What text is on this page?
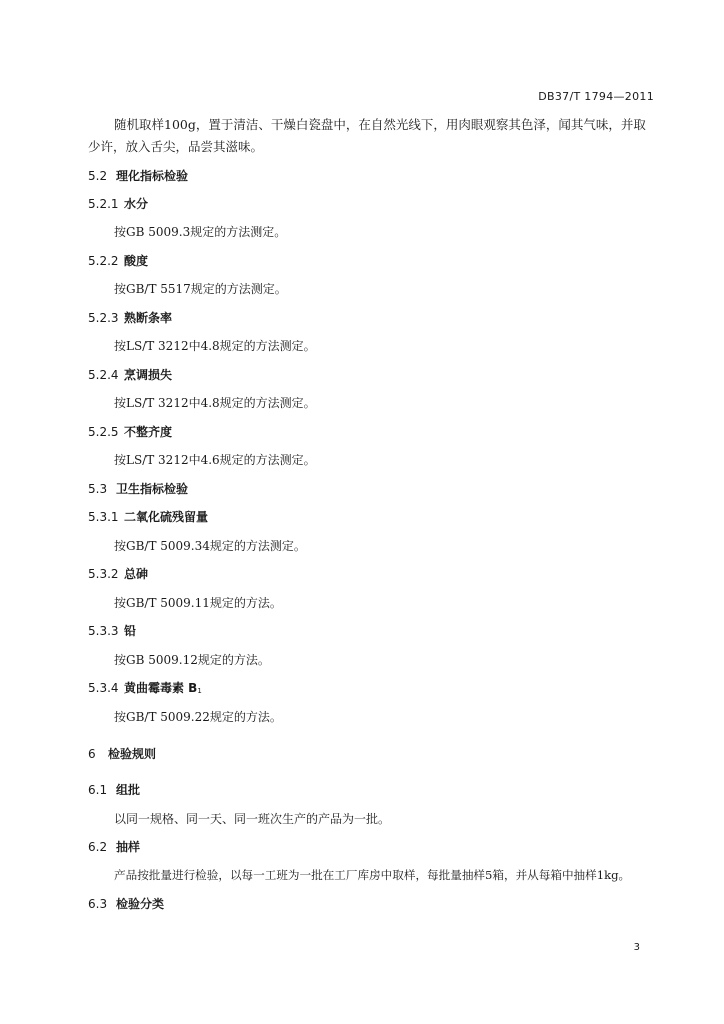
DB37/T 1794—2011
随机取样100g，置于清洁、干燥白瓷盘中，在自然光线下，用肉眼观察其色泽，闻其气味，并取少许，放入舌尖，品尝其滋味。
5.2 理化指标检验
5.2.1 水分
按GB 5009.3规定的方法测定。
5.2.2 酸度
按GB/T 5517规定的方法测定。
5.2.3 熟断条率
按LS/T 3212中4.8规定的方法测定。
5.2.4 烹调损失
按LS/T 3212中4.8规定的方法测定。
5.2.5 不整齐度
按LS/T 3212中4.6规定的方法测定。
5.3 卫生指标检验
5.3.1 二氧化硫残留量
按GB/T 5009.34规定的方法测定。
5.3.2 总砷
按GB/T 5009.11规定的方法。
5.3.3 铅
按GB 5009.12规定的方法。
5.3.4 黄曲霉毒素 B1
按GB/T 5009.22规定的方法。
6 检验规则
6.1 组批
以同一规格、同一天、同一班次生产的产品为一批。
6.2 抽样
产品按批量进行检验，以每一工班为一批在工厂库房中取样，每批量抽样5箱，并从每箱中抽样1kg。
6.3 检验分类
3
